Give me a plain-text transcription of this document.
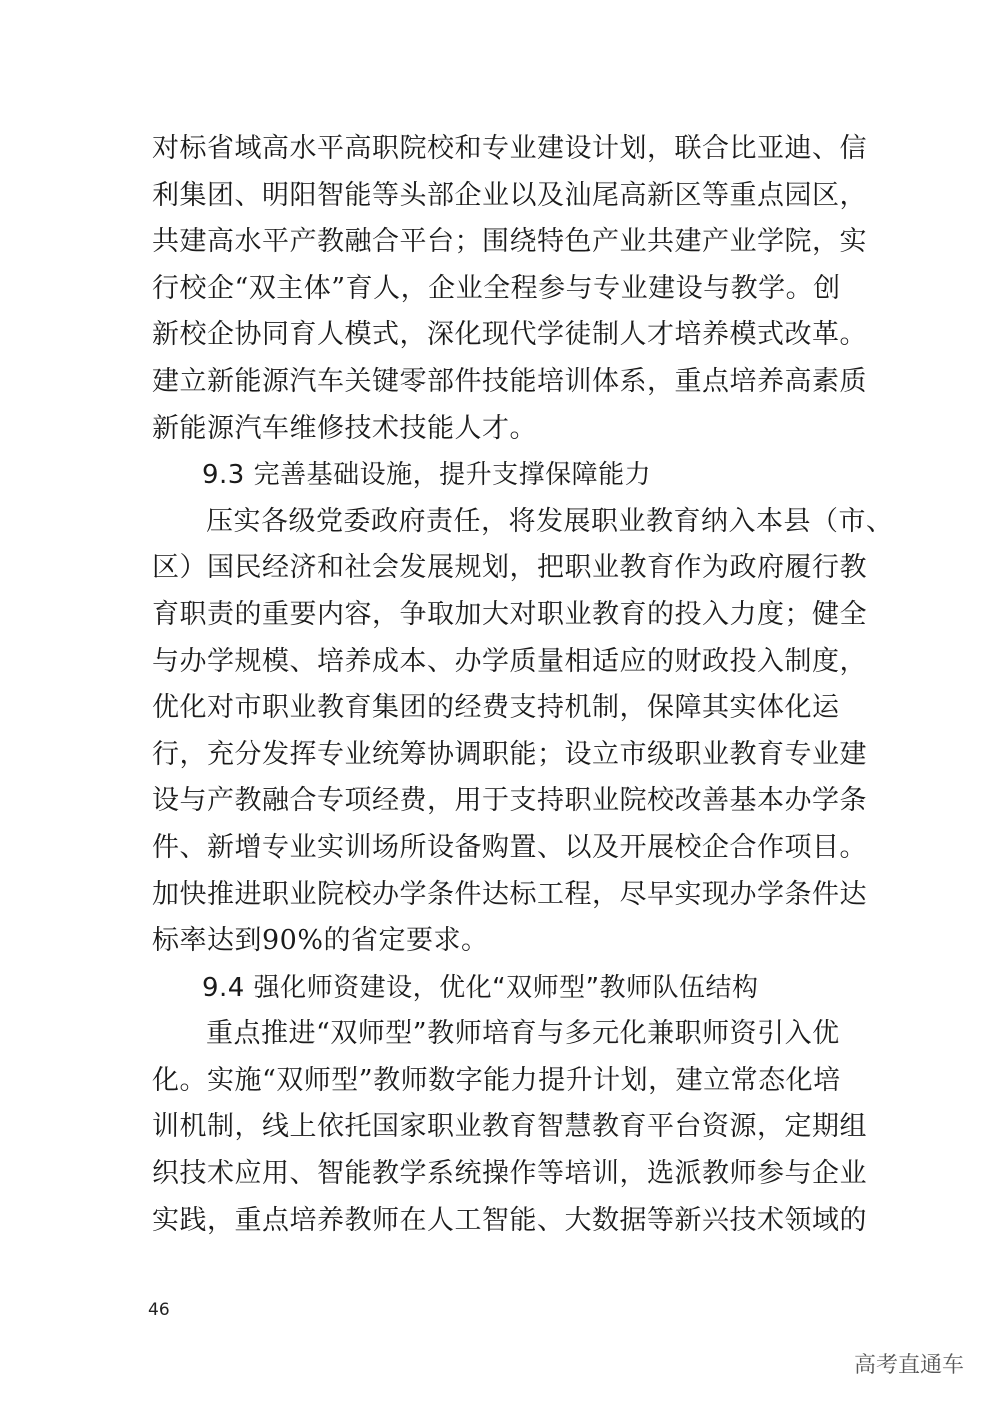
对标省域高水平高职院校和专业建设计划，联合比亚迪、信
利集团、明阳智能等头部企业以及汕尾高新区等重点园区，
共建高水平产教融合平台；围绕特色产业共建产业学院，实
行校企“双主体”育人，企业全程参与专业建设与教学。创
新校企协同育人模式，深化现代学徒制人才培养模式改革。
建立新能源汽车关键零部件技能培训体系，重点培养高素质
新能源汽车维修技术技能人才。
9.3 完善基础设施，提升支撑保障能力
压实各级党委政府责任，将发展职业教育纳入本县（市、
区）国民经济和社会发展规划，把职业教育作为政府履行教
育职责的重要内容，争取加大对职业教育的投入力度；健全
与办学规模、培养成本、办学质量相适应的财政投入制度，
优化对市职业教育集团的经费支持机制，保障其实体化运
行，充分发挥专业统筹协调职能；设立市级职业教育专业建
设与产教融合专项经费，用于支持职业院校改善基本办学条
件、新增专业实训场所设备购置、以及开展校企合作项目。
加快推进职业院校办学条件达标工程，尽早实现办学条件达
标率达到90%的省定要求。
9.4 强化师资建设，优化“双师型”教师队伍结构
重点推进“双师型”教师培育与多元化兼职师资引入优
化。实施“双师型”教师数字能力提升计划，建立常态化培
训机制，线上依托国家职业教育智慧教育平台资源，定期组
织技术应用、智能教学系统操作等培训，选派教师参与企业
实践，重点培养教师在人工智能、大数据等新兴技术领域的
46
高考直通车
